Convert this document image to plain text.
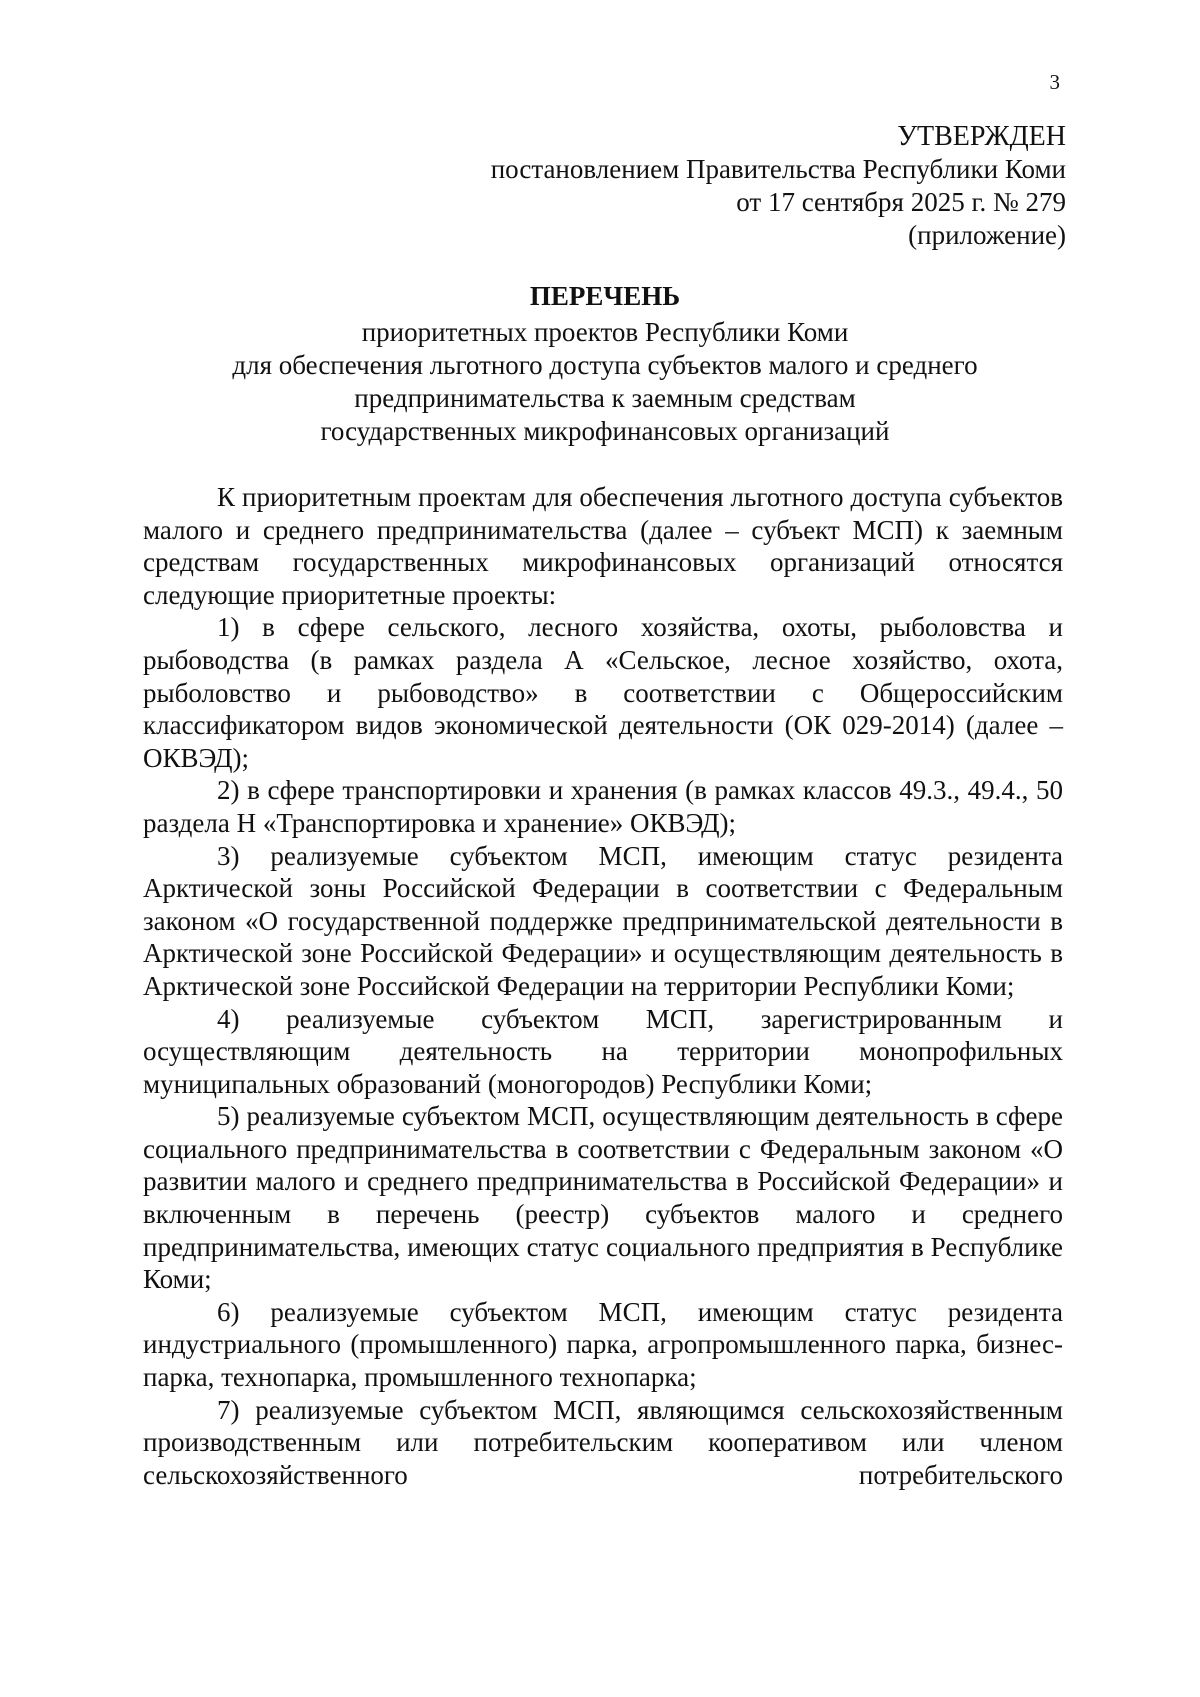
3
УТВЕРЖДЕН
постановлением Правительства Республики Коми
от 17 сентября 2025 г. № 279
(приложение)
ПЕРЕЧЕНЬ
приоритетных проектов Республики Коми
для обеспечения льготного доступа субъектов малого и среднего
предпринимательства к заемным средствам
государственных микрофинансовых организаций

К приоритетным проектам для обеспечения льготного доступа субъектов малого и среднего предпринимательства (далее – субъект МСП) к заемным средствам государственных микрофинансовых организаций относятся следующие приоритетные проекты:

1) в сфере сельского, лесного хозяйства, охоты, рыболовства и рыбоводства (в рамках раздела А «Сельское, лесное хозяйство, охота, рыболовство и рыбоводство» в соответствии с Общероссийским классификатором видов экономической деятельности (ОК 029-2014) (далее – ОКВЭД);

2) в сфере транспортировки и хранения (в рамках классов 49.3., 49.4., 50 раздела Н «Транспортировка и хранение» ОКВЭД);

3) реализуемые субъектом МСП, имеющим статус резидента Арктической зоны Российской Федерации в соответствии с Федеральным законом «О государственной поддержке предпринимательской деятельности в Арктической зоне Российской Федерации» и осуществляющим деятельность в Арктической зоне Российской Федерации на территории Республики Коми;

4) реализуемые субъектом МСП, зарегистрированным и осуществляющим деятельность на территории монопрофильных муниципальных образований (моногородов) Республики Коми;

5) реализуемые субъектом МСП, осуществляющим деятельность в сфере социального предпринимательства в соответствии с Федеральным законом «О развитии малого и среднего предпринимательства в Российской Федерации» и включенным в перечень (реестр) субъектов малого и среднего предпринимательства, имеющих статус социального предприятия в Республике Коми;

6) реализуемые субъектом МСП, имеющим статус резидента индустриального (промышленного) парка, агропромышленного парка, бизнес-парка, технопарка, промышленного технопарка;

7) реализуемые субъектом МСП, являющимся сельскохозяйственным производственным или потребительским кооперативом или членом сельскохозяйственного потребительского
